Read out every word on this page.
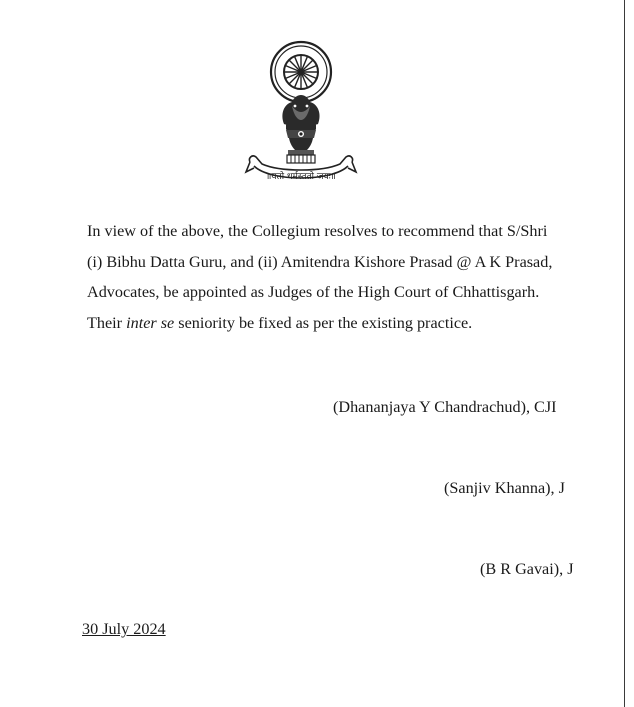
॥यतो धर्मस्ततो जयः॥

In view of the above, the Collegium resolves to recommend that S/Shri
(i) Bibhu Datta Guru, and (ii) Amitendra Kishore Prasad @ A K Prasad,
Advocates, be appointed as Judges of the High Court of Chhattisgarh.
Their inter se seniority be fixed as per the existing practice.

(Dhananjaya Y Chandrachud), CJI
(Sanjiv Khanna), J
(B R Gavai), J
30 July 2024
